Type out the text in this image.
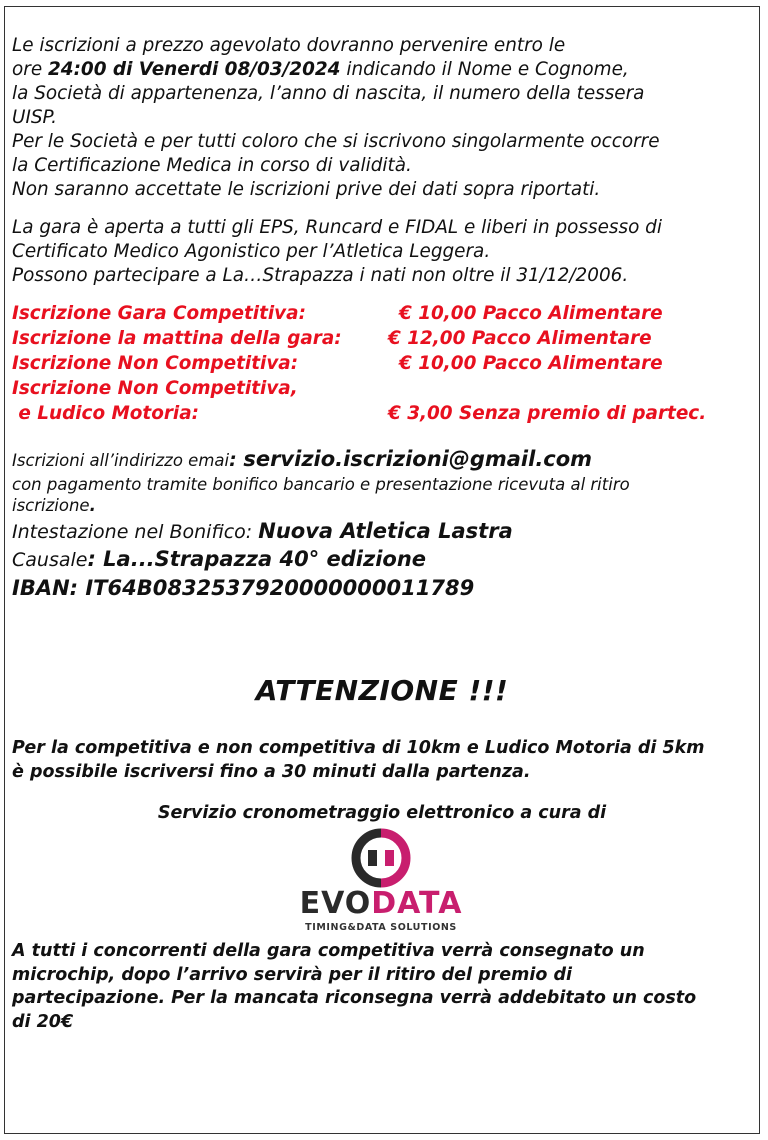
Le iscrizioni a prezzo agevolato dovranno pervenire entro le

ore 24:00 di Venerdi 08/03/2024 indicando il Nome e Cognome,

la Società di appartenenza, l’anno di nascita, il numero della tessera

UISP.

Per le Società e per tutti coloro che si iscrivono singolarmente occorre

la Certificazione Medica in corso di validità.

Non saranno accettate le iscrizioni prive dei dati sopra riportati.

La gara è aperta a tutti gli EPS, Runcard e FIDAL e liberi in possesso di

Certificato Medico Agonistico per l’Atletica Leggera.

Possono partecipare a La…Strapazza i nati non oltre il 31/12/2006.

Iscrizione Gara Competitiva:	€ 10,00 Pacco Alimentare
Iscrizione la mattina della gara:	€ 12,00 Pacco Alimentare
Iscrizione Non Competitiva:	€ 10,00 Pacco Alimentare
Iscrizione Non Competitiva,
e Ludico Motoria:	€ 3,00 Senza premio di partec.
Iscrizioni all’indirizzo emai: servizio.iscrizioni@gmail.com
con pagamento tramite bonifico bancario e presentazione ricevuta al ritiro
iscrizione.
Intestazione nel Bonifico: Nuova Atletica Lastra
Causale: La...Strapazza 40° edizione
IBAN: IT64B0832537920000000011789
ATTENZIONE !!!
Per la competitiva e non competitiva di 10km e Ludico Motoria di 5km
è possibile iscriversi fino a 30 minuti dalla partenza.
Servizio cronometraggio elettronico a cura di
EVODATA
TIMING&DATA SOLUTIONS
A tutti i concorrenti della gara competitiva verrà consegnato un
microchip, dopo l’arrivo servirà per il ritiro del premio di
partecipazione. Per la mancata riconsegna verrà addebitato un costo
di 20€
